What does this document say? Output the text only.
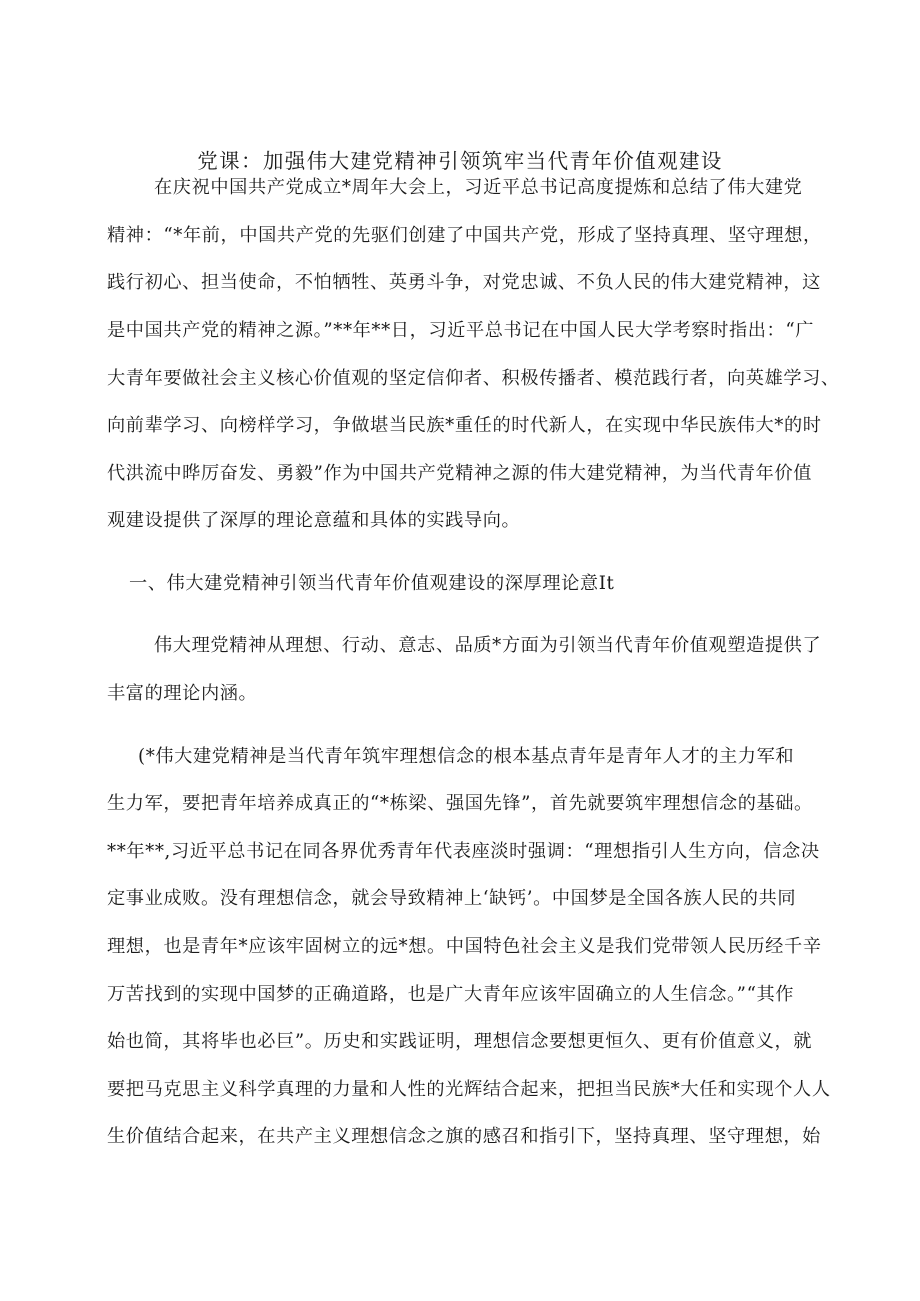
党课：加强伟大建党精神引领筑牢当代青年价值观建设
在庆祝中国共产党成立*周年大会上，习近平总书记高度提炼和总结了伟大建党
精神：“*年前，中国共产党的先驱们创建了中国共产党，形成了坚持真理、坚守理想，
践行初心、担当使命，不怕牺牲、英勇斗争，对党忠诚、不负人民的伟大建党精神，这
是中国共产党的精神之源。”**年**日，习近平总书记在中国人民大学考察时指出：“广
大青年要做社会主义核心价值观的坚定信仰者、积极传播者、模范践行者，向英雄学习、
向前辈学习、向榜样学习，争做堪当民族*重任的时代新人，在实现中华民族伟大*的时
代洪流中晔厉奋发、勇毅”作为中国共产党精神之源的伟大建党精神，为当代青年价值
观建设提供了深厚的理论意蕴和具体的实践导向。
一、伟大建党精神引领当代青年价值观建设的深厚理论意It
伟大理党精神从理想、行动、意志、品质*方面为引领当代青年价值观塑造提供了
丰富的理论内涵。
(*伟大建党精神是当代青年筑牢理想信念的根本基点青年是青年人才的主力军和
生力军，要把青年培养成真正的“*栋梁、强国先锋”，首先就要筑牢理想信念的基础。
**年**,习近平总书记在同各界优秀青年代表座淡时强调：“理想指引人生方向，信念决
定事业成败。没有理想信念，就会导致精神上‘缺钙’。中国梦是全国各族人民的共同
理想，也是青年*应该牢固树立的远*想。中国特色社会主义是我们党带领人民历经千辛
万苦找到的实现中国梦的正确道路，也是广大青年应该牢固确立的人生信念。”“其作
始也简，其将毕也必巨”。历史和实践证明，理想信念要想更恒久、更有价值意义，就
要把马克思主义科学真理的力量和人性的光辉结合起来，把担当民族*大任和实现个人人
生价值结合起来，在共产主义理想信念之旗的感召和指引下，坚持真理、坚守理想，始
